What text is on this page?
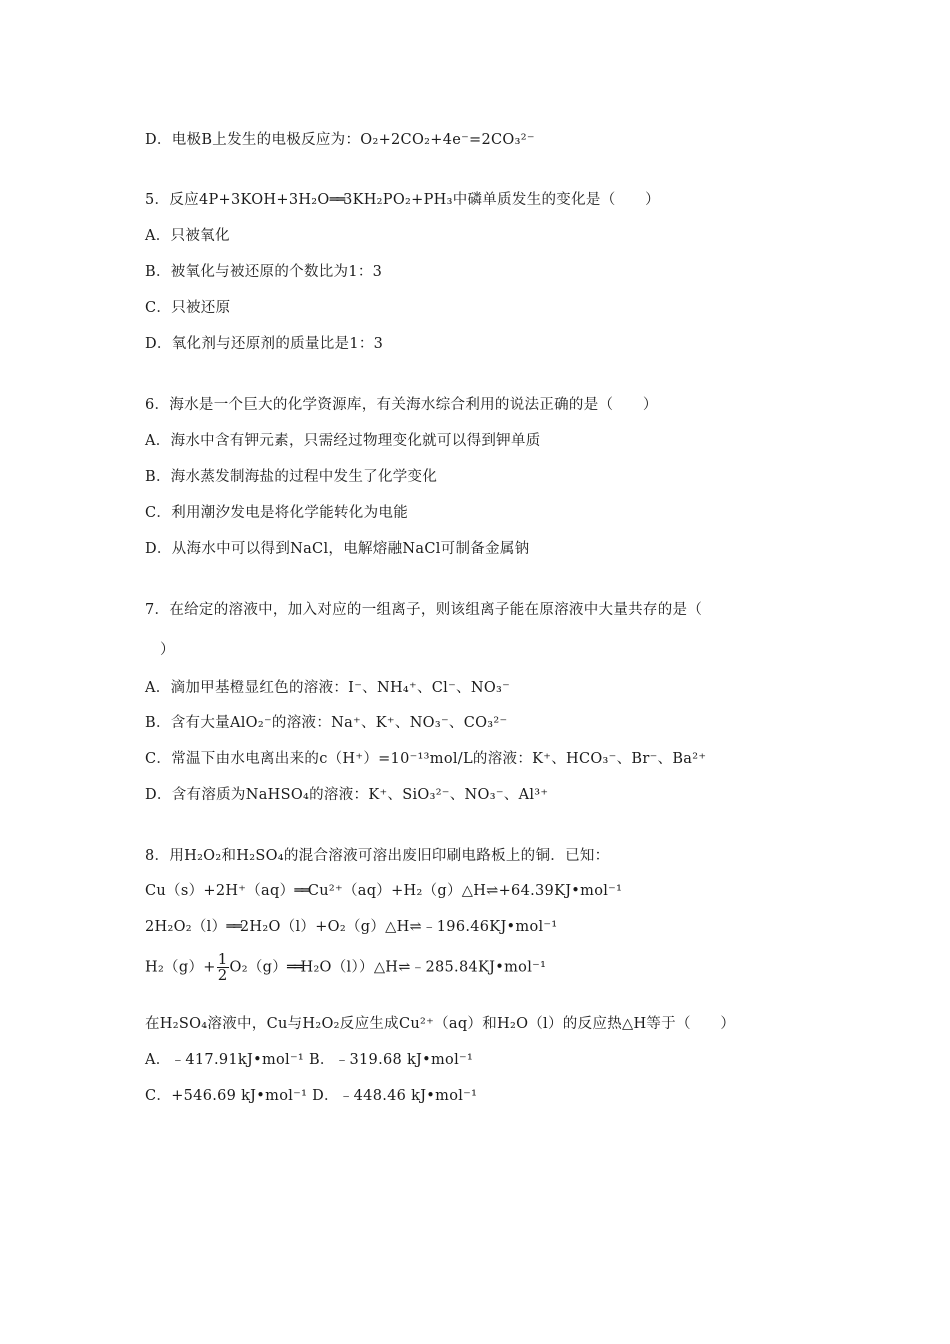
D．电极B上发生的电极反应为：O₂+2CO₂+4e⁻=2CO₃²⁻
5．反应4P+3KOH+3H₂O══3KH₂PO₂+PH₃中磷单质发生的变化是（　　）
A．只被氧化
B．被氧化与被还原的个数比为1：3
C．只被还原
D．氧化剂与还原剂的质量比是1：3
6．海水是一个巨大的化学资源库，有关海水综合利用的说法正确的是（　　）
A．海水中含有钾元素，只需经过物理变化就可以得到钾单质
B．海水蒸发制海盐的过程中发生了化学变化
C．利用潮汐发电是将化学能转化为电能
D．从海水中可以得到NaCl，电解熔融NaCl可制备金属钠
7．在给定的溶液中，加入对应的一组离子，则该组离子能在原溶液中大量共存的是（
）
A．滴加甲基橙显红色的溶液：I⁻、NH₄⁺、Cl⁻、NO₃⁻
B．含有大量AlO₂⁻的溶液：Na⁺、K⁺、NO₃⁻、CO₃²⁻
C．常温下由水电离出来的c（H⁺）=10⁻¹³mol/L的溶液：K⁺、HCO₃⁻、Br⁻、Ba²⁺
D．含有溶质为NaHSO₄的溶液：K⁺、SiO₃²⁻、NO₃⁻、Al³⁺
8．用H₂O₂和H₂SO₄的混合溶液可溶出废旧印刷电路板上的铜．已知：
Cu（s）+2H⁺（aq）══Cu²⁺（aq）+H₂（g）△H⇌+64.39KJ•mol⁻¹
2H₂O₂（l）══2H₂O（l）+O₂（g）△H⇌﹣196.46KJ•mol⁻¹
$H_2(g)+ \frac{1}{2}$ O₂（g）══H₂O（l））△H⇌﹣285.84KJ•mol⁻¹
在H₂SO₄溶液中，Cu与H₂O₂反应生成Cu²⁺（aq）和H₂O（l）的反应热△H等于（　　）
A．﹣417.91kJ•mol⁻¹ B．﹣319.68 kJ•mol⁻¹
C．+546.69 kJ•mol⁻¹ D．﹣448.46 kJ•mol⁻¹
